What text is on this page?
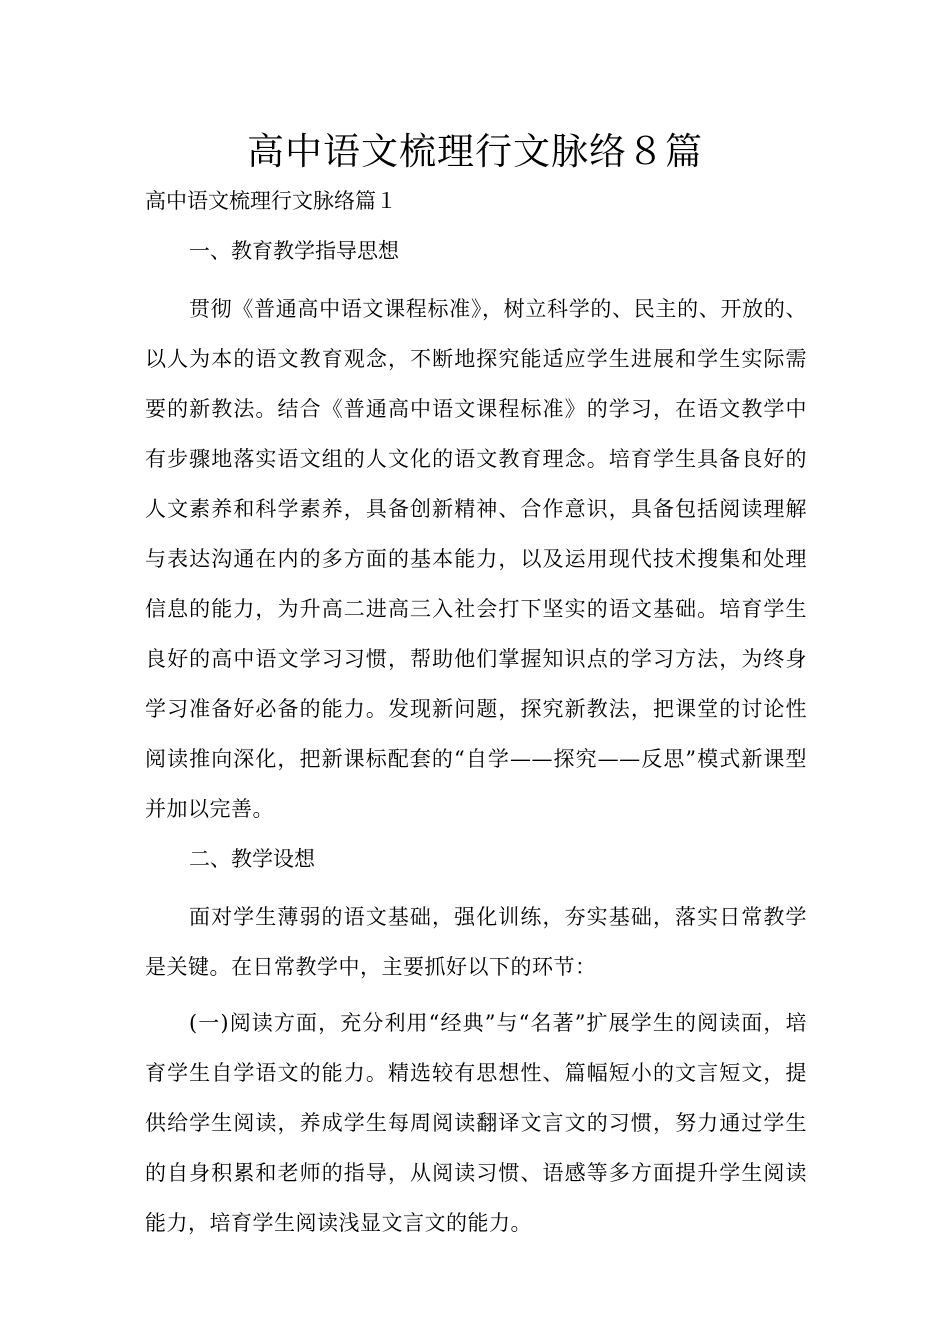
高中语文梳理行文脉络８篇
高中语文梳理行文脉络篇１
一、教育教学指导思想

贯彻《普通高中语文课程标准》，树立科学的、民主的、开放的、以人为本的语文教育观念，不断地探究能适应学生进展和学生实际需要的新教法。结合《普通高中语文课程标准》的学习，在语文教学中有步骤地落实语文组的人文化的语文教育理念。培育学生具备良好的人文素养和科学素养，具备创新精神、合作意识，具备包括阅读理解与表达沟通在内的多方面的基本能力，以及运用现代技术搜集和处理信息的能力，为升高二进高三入社会打下坚实的语文基础。培育学生良好的高中语文学习习惯，帮助他们掌握知识点的学习方法，为终身学习准备好必备的能力。发现新问题，探究新教法，把课堂的讨论性阅读推向深化，把新课标配套的“自学——探究——反思”模式新课型并加以完善。

二、教学设想

面对学生薄弱的语文基础，强化训练，夯实基础，落实日常教学是关键。在日常教学中，主要抓好以下的环节：

(一)阅读方面，充分利用“经典”与“名著”扩展学生的阅读面，培育学生自学语文的能力。精选较有思想性、篇幅短小的文言短文，提供给学生阅读，养成学生每周阅读翻译文言文的习惯，努力通过学生的自身积累和老师的指导，从阅读习惯、语感等多方面提升学生阅读能力，培育学生阅读浅显文言文的能力。
